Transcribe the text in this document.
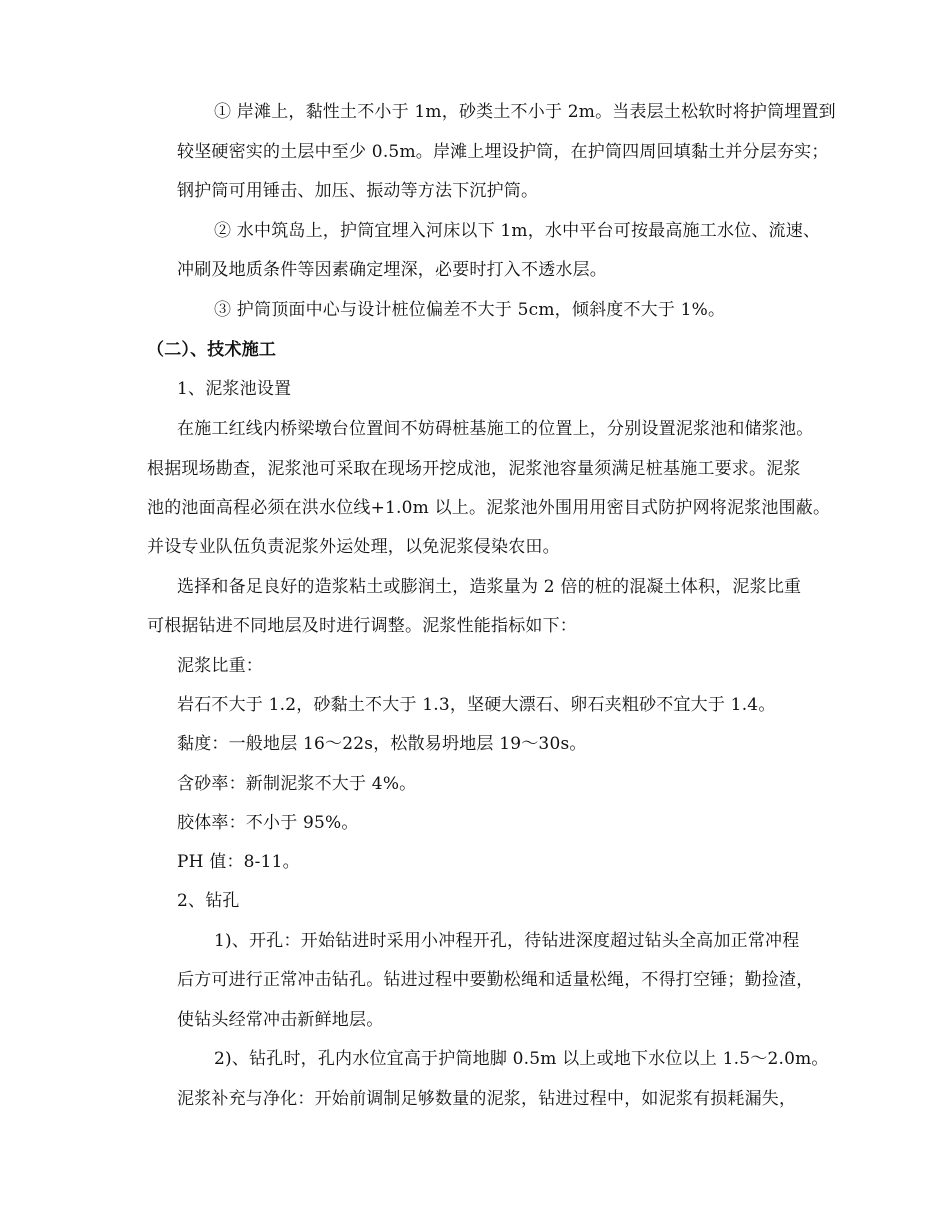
① 岸滩上，黏性土不小于 1m，砂类土不小于 2m。当表层土松软时将护筒埋置到
较坚硬密实的土层中至少 0.5m。岸滩上埋设护筒，在护筒四周回填黏土并分层夯实；
钢护筒可用锤击、加压、振动等方法下沉护筒。
② 水中筑岛上，护筒宜埋入河床以下 1m，水中平台可按最高施工水位、流速、
冲刷及地质条件等因素确定埋深，必要时打入不透水层。
③ 护筒顶面中心与设计桩位偏差不大于 5cm，倾斜度不大于 1%。
（二）、技术施工
1、泥浆池设置
在施工红线内桥梁墩台位置间不妨碍桩基施工的位置上，分别设置泥浆池和储浆池。
根据现场勘查，泥浆池可采取在现场开挖成池，泥浆池容量须满足桩基施工要求。泥浆
池的池面高程必须在洪水位线+1.0m 以上。泥浆池外围用用密目式防护网将泥浆池围蔽。
并设专业队伍负责泥浆外运处理，以免泥浆侵染农田。
选择和备足良好的造浆粘土或膨润土，造浆量为 2 倍的桩的混凝土体积，泥浆比重
可根据钻进不同地层及时进行调整。泥浆性能指标如下：
泥浆比重：
岩石不大于 1.2，砂黏土不大于 1.3，坚硬大漂石、卵石夹粗砂不宜大于 1.4。
黏度：一般地层 16～22s，松散易坍地层 19～30s。
含砂率：新制泥浆不大于 4%。
胶体率：不小于 95%。
PH 值：8-11。
2、钻孔
1)、开孔：开始钻进时采用小冲程开孔，待钻进深度超过钻头全高加正常冲程
后方可进行正常冲击钻孔。钻进过程中要勤松绳和适量松绳，不得打空锤；勤捡渣，
使钻头经常冲击新鲜地层。
2)、钻孔时，孔内水位宜高于护筒地脚 0.5m 以上或地下水位以上 1.5～2.0m。
泥浆补充与净化：开始前调制足够数量的泥浆，钻进过程中，如泥浆有损耗漏失，
